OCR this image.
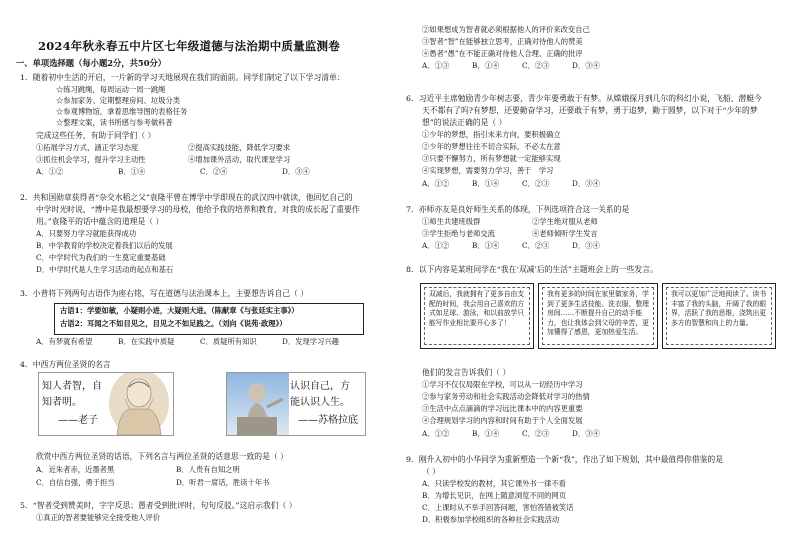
2024年秋永春五中片区七年级道德与法治期中质量监测卷
一、单项选择题（每小题2分，共50分）
1．随着初中生活的开启，一片新的学习天地展现在我们的面前。同学们制定了以下学习清单：
☆练习跳绳，每周运动一周一跳绳
☆参加家务、定期整理房间、垃圾分类
☆参观博物馆，拿着思维导图的表格任务
☆整理文案，读书所感与参考做科普
完成这些任务，有助于同学们（ ）
①拓展学习方式，涵正学习态度	②提高实践技能，降低学习要求
③抓住机会学习，提升学习主动性	④增加课外活动，取代课堂学习
A．①②	B．①④	C．②④	D．③④
2．共和国勋章获得者“杂交水稻之父”袁隆平曾在博学中学即现在的武汉四中就读，他回忆自己的
中学时光时说，“博中是我最想要学习的母校，他给予我的培养和教育，对我的成长起了重要作
用。”袁隆平的话中蕴含的道理是（ ）
A．只要努力学习就能获得成功
B．中学教育的学校决定着我们以后的发展
C．中学时代为我们的一生奠定重要基础
D．中学时代是人生学习活动的起点和基石
3．小普将下列两句古语作为座右铭，写在道德与法治课本上，主要想告诉自己（ ）
古语1：学要如敏，小疑则小进，大疑则大进。（陈献章《与张廷实主事》）
古语2：耳闻之不如目见之，目见之不如足践之。（刘向《说苑·政理》）
A．有梦就有希望	B．在实践中质疑	C．质疑所有知识	D．发现学习兴趣
4．中西方两位圣贤的名言
知人者智，自
知者明。
——老子
认识自己，方
能认识人生。
——苏格拉底
欣赏中西方两位圣贤的话语，下列名言与两位圣贤的话意思一致的是（ ）
A．近朱者赤，近墨者黑	B．人贵有自知之明
C．自信自强，勇于担当	D．听君一席话，胜读十年书
5．“智者受到赞美时，字字反思；愚者受到批评时，句句反驳。”这启示我们（ ）
①真正的智者要能够完全接受他人评价
②如果想成为智者就必须根据他人的评价来改变自己
③智者“智”在能够独立思考，正确对待他人的赞美
④愚者“愚”在不能正确对待他人合理、正确的批评
A．①③	B．①④	C．②③	D．③④
6．习近平主席勉励青少年树志要，青少年要勇敢于有梦。从嫦娥探月到几尔的科幻小说，飞船、潜艇今
天不都有了吗?有梦想，还要勤奋学习，还要敢于有梦，勇于追梦，勤于圆梦，以下对于“少年的梦
想”的说法正确的是（ ）
①少年的梦想，指引未来方向，要积极确立
②少年的梦想往往不切合实际，不必太在意
③只要不懈努力，所有梦想就一定能够实现
④实现梦想，需要努力学习，善于　学习
A．①②	B．①④	C．②③	D．③④
7．亦师亦友是良好师生关系的体现，下列选项符合这一关系的是
①师生共建班级群	②学生绝对服从老师
③学生拒绝与老师交流	④老师倾听学生发言
A．①②	B．①④	C．②③	D．③④
8．以下内容是某班同学在“我在‘双减’后的生活”主题班会上的一些发言。
双减后，我就拥有了更多自由支配的时间，我会用自己喜欢的方式如足球、游泳，和以前放学只能写作业相比要开心多了！
我有更多的时间在家里做家务，学到了更多生活技能。洗衣服、整理房间……不断提升自己的动手能力，也让我体会到父母的辛苦，更加懂得了感恩，更加热爱生活。
我可以更加广泛地阅读了。读书丰富了我的头脑，开阔了我的眼界，活跃了我的思维，浇筑出更多方的智慧和向上的力量。
他们的发言告诉我们（ ）
①学习不仅仅局限在学校，可以从一切经历中学习
②参与家务劳动和社会实践活动会降低对学习的热情
③生活中点点滴滴的学习远比课本中的内容更重要
④合理规划学习的内容和时间有助于个人全面发展
A．①②	B．①④	C．②③	D．③④
9．刚升入初中的小华同学为重新塑造一个新“我”，作出了如下规划，其中最值得你借鉴的是
（ ）
A．只读学校发的教材，其它课外书一律不看
B．为增长见识，在网上随意浏览不同的网页
C．上课时从不举手回答问题，害怕答错被笑话
D．积极参加学校组织的各种社会实践活动
